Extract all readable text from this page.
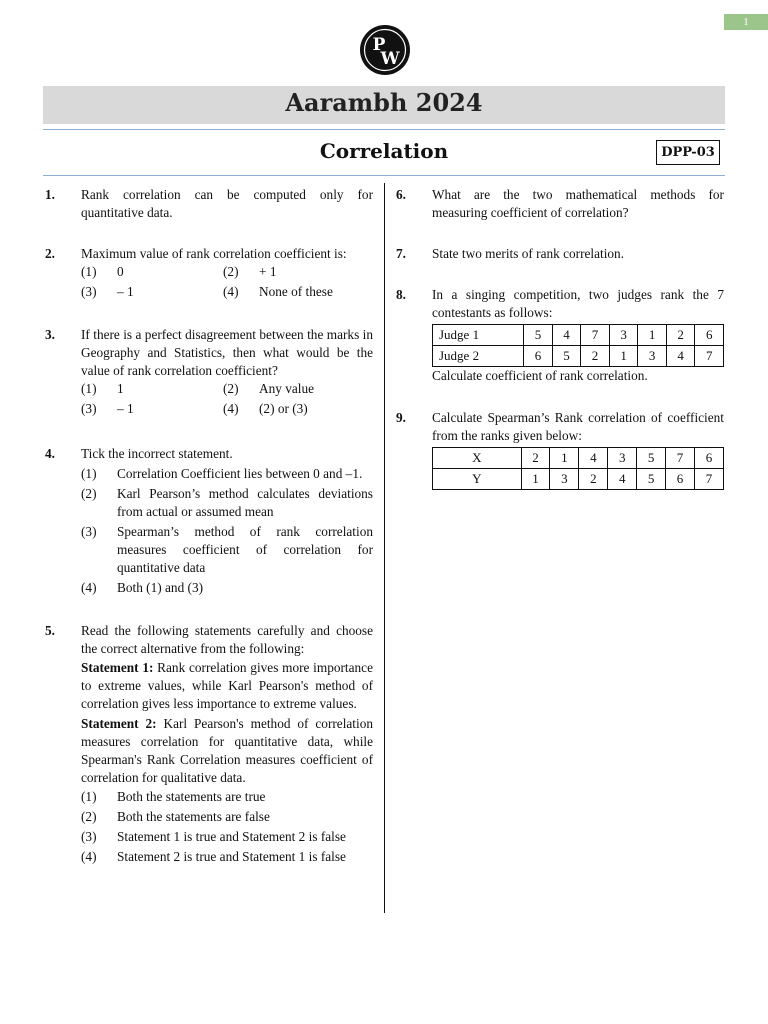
1
P
W
Aarambh 2024
Correlation	DPP-03
1. Rank correlation can be computed only for quantitative data.
2. Maximum value of rank correlation coefficient is:
(1) 0	(2) + 1
(3) – 1	(4) None of these
3. If there is a perfect disagreement between the marks in Geography and Statistics, then what would be the value of rank correlation coefficient?
(1) 1	(2) Any value
(3) – 1	(4) (2) or (3)
4. Tick the incorrect statement.
(1) Correlation Coefficient lies between 0 and –1.
(2) Karl Pearson’s method calculates deviations from actual or assumed mean
(3) Spearman’s method of rank correlation measures coefficient of correlation for quantitative data
(4) Both (1) and (3)
5. Read the following statements carefully and choose the correct alternative from the following:
Statement 1: Rank correlation gives more importance to extreme values, while Karl Pearson's method of correlation gives less importance to extreme values.
Statement 2: Karl Pearson's method of correlation measures correlation for quantitative data, while Spearman's Rank Correlation measures coefficient of correlation for qualitative data.
(1) Both the statements are true
(2) Both the statements are false
(3) Statement 1 is true and Statement 2 is false
(4) Statement 2 is true and Statement 1 is false
6. What are the two mathematical methods for measuring coefficient of correlation?
7. State two merits of rank correlation.
8. In a singing competition, two judges rank the 7 contestants as follows:
Judge 1	5	4	7	3	1	2	6
Judge 2	6	5	2	1	3	4	7
Calculate coefficient of rank correlation.
9. Calculate Spearman’s Rank correlation of coefficient from the ranks given below:
X	2	1	4	3	5	7	6
Y	1	3	2	4	5	6	7
